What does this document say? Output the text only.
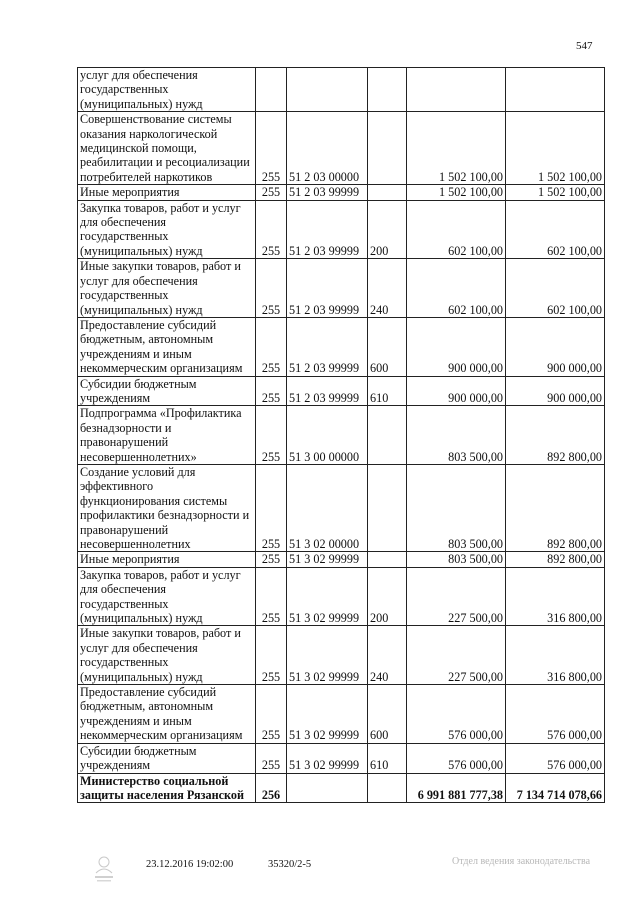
547
услуг для обеспечения государственных (муниципальных) нужд					
Совершенствование системы оказания наркологической медицинской помощи, реабилитации и ресоциализации потребителей наркотиков	255	51 2 03 00000		1 502 100,00	1 502 100,00
Иные мероприятия	255	51 2 03 99999		1 502 100,00	1 502 100,00
Закупка товаров, работ и услуг для обеспечения государственных (муниципальных) нужд	255	51 2 03 99999	200	602 100,00	602 100,00
Иные закупки товаров, работ и услуг для обеспечения государственных (муниципальных) нужд	255	51 2 03 99999	240	602 100,00	602 100,00
Предоставление субсидий бюджетным, автономным учреждениям и иным некоммерческим организациям	255	51 2 03 99999	600	900 000,00	900 000,00
Субсидии бюджетным учреждениям	255	51 2 03 99999	610	900 000,00	900 000,00
Подпрограмма «Профилактика безнадзорности и правонарушений несовершеннолетних»	255	51 3 00 00000		803 500,00	892 800,00
Создание условий для эффективного функционирования системы профилактики безнадзорности и правонарушений несовершеннолетних	255	51 3 02 00000		803 500,00	892 800,00
Иные мероприятия	255	51 3 02 99999		803 500,00	892 800,00
Закупка товаров, работ и услуг для обеспечения государственных (муниципальных) нужд	255	51 3 02 99999	200	227 500,00	316 800,00
Иные закупки товаров, работ и услуг для обеспечения государственных (муниципальных) нужд	255	51 3 02 99999	240	227 500,00	316 800,00
Предоставление субсидий бюджетным, автономным учреждениям и иным некоммерческим организациям	255	51 3 02 99999	600	576 000,00	576 000,00
Субсидии бюджетным учреждениям	255	51 3 02 99999	610	576 000,00	576 000,00
Министерство социальной защиты населения Рязанской	256			6 991 881 777,38	7 134 714 078,66
23.12.2016 19:02:00	35320/2-5	Отдел ведения законодательства
